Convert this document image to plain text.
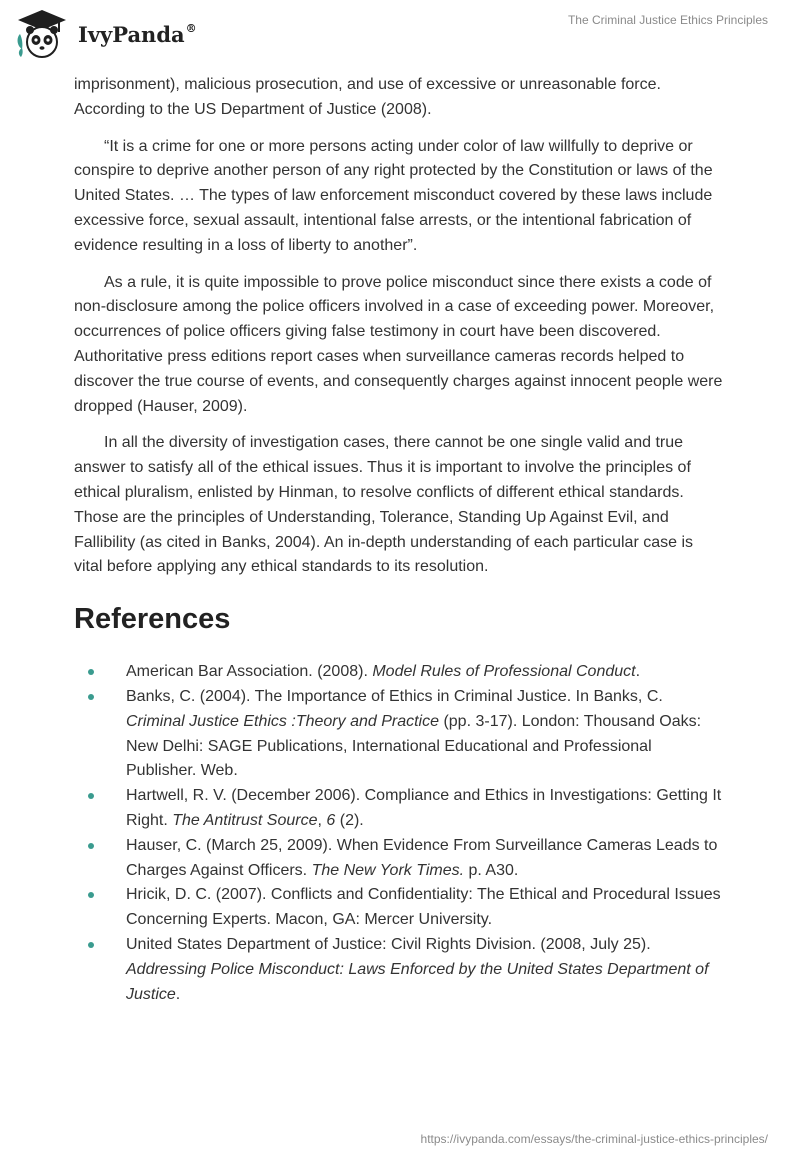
IvyPanda®
The Criminal Justice Ethics Principles

imprisonment), malicious prosecution, and use of excessive or unreasonable force. According to the US Department of Justice (2008).

“It is a crime for one or more persons acting under color of law willfully to deprive or conspire to deprive another person of any right protected by the Constitution or laws of the United States. … The types of law enforcement misconduct covered by these laws include excessive force, sexual assault, intentional false arrests, or the intentional fabrication of evidence resulting in a loss of liberty to another”.

As a rule, it is quite impossible to prove police misconduct since there exists a code of non-disclosure among the police officers involved in a case of exceeding power. Moreover, occurrences of police officers giving false testimony in court have been discovered. Authoritative press editions report cases when surveillance cameras records helped to discover the true course of events, and consequently charges against innocent people were dropped (Hauser, 2009).

In all the diversity of investigation cases, there cannot be one single valid and true answer to satisfy all of the ethical issues. Thus it is important to involve the principles of ethical pluralism, enlisted by Hinman, to resolve conflicts of different ethical standards. Those are the principles of Understanding, Tolerance, Standing Up Against Evil, and Fallibility (as cited in Banks, 2004). An in-depth understanding of each particular case is vital before applying any ethical standards to its resolution.

References
American Bar Association. (2008). Model Rules of Professional Conduct.
Banks, C. (2004). The Importance of Ethics in Criminal Justice. In Banks, C. Criminal Justice Ethics :Theory and Practice (pp. 3-17). London: Thousand Oaks: New Delhi: SAGE Publications, International Educational and Professional Publisher. Web.
Hartwell, R. V. (December 2006). Compliance and Ethics in Investigations: Getting It Right. The Antitrust Source, 6 (2).
Hauser, C. (March 25, 2009). When Evidence From Surveillance Cameras Leads to Charges Against Officers. The New York Times. p. A30.
Hricik, D. C. (2007). Conflicts and Confidentiality: The Ethical and Procedural Issues Concerning Experts. Macon, GA: Mercer University.
United States Department of Justice: Civil Rights Division. (2008, July 25). Addressing Police Misconduct: Laws Enforced by the United States Department of Justice.
https://ivypanda.com/essays/the-criminal-justice-ethics-principles/
